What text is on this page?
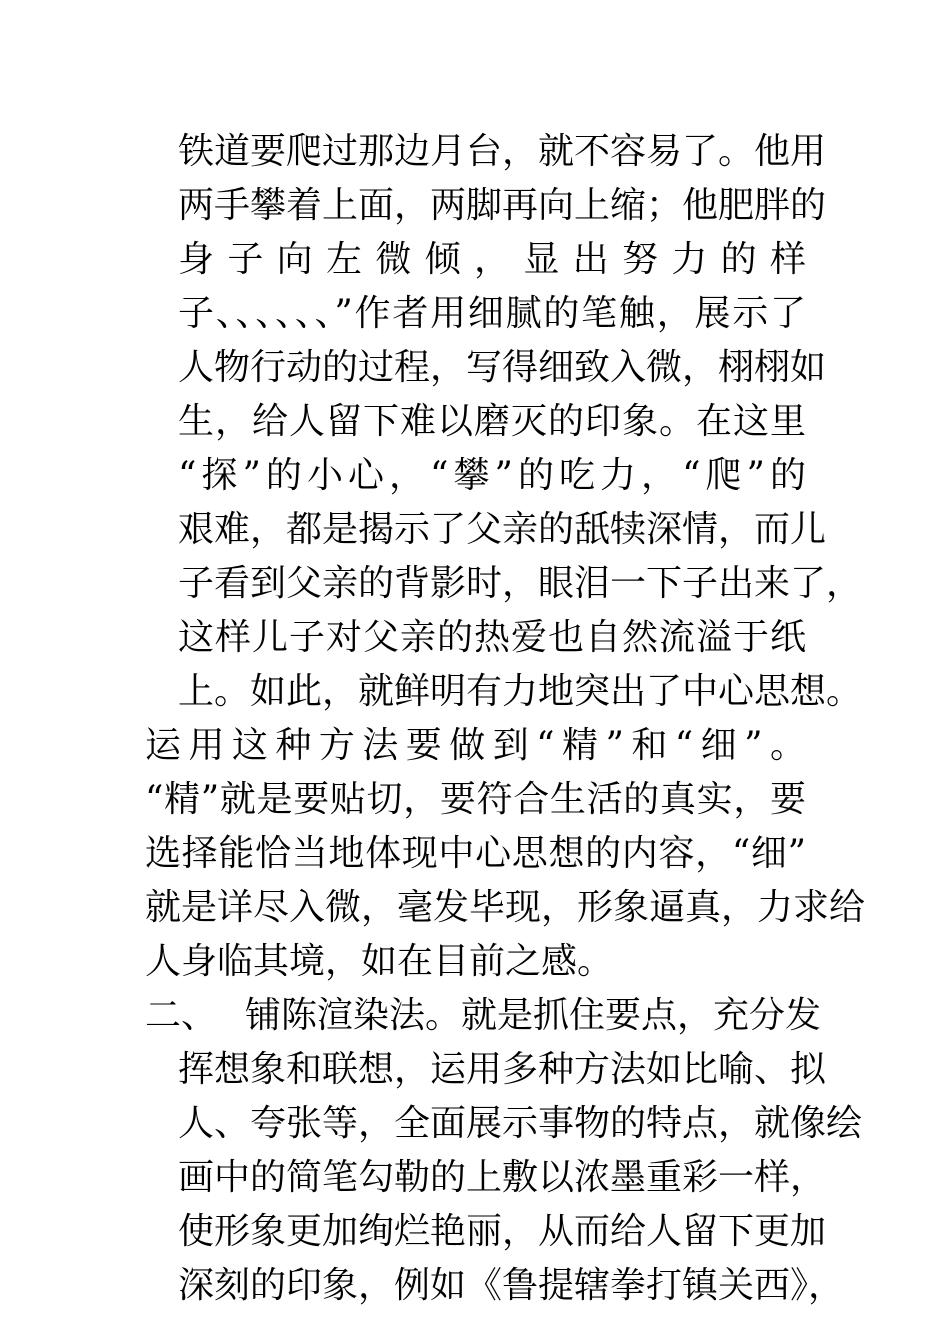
铁道要爬过那边月台，就不容易了。他用
两手攀着上面，两脚再向上缩；他肥胖的
身子向左微倾，显出努力的样
子、、、、、、”作者用细腻的笔触，展示了
人物行动的过程，写得细致入微，栩栩如
生，给人留下难以磨灭的印象。在这里
“探”的小心，“攀”的吃力，“爬”的
艰难，都是揭示了父亲的舐犊深情，而儿
子看到父亲的背影时，眼泪一下子出来了，
这样儿子对父亲的热爱也自然流溢于纸
上。如此，就鲜明有力地突出了中心思想。
运用这种方法要做到“精”和“细”。
“精”就是要贴切，要符合生活的真实，要
选择能恰当地体现中心思想的内容，“细”
就是详尽入微，毫发毕现，形象逼真，力求给
人身临其境，如在目前之感。
二、 铺陈渲染法。就是抓住要点，充分发
挥想象和联想，运用多种方法如比喻、拟
人、夸张等，全面展示事物的特点，就像绘
画中的简笔勾勒的上敷以浓墨重彩一样，
使形象更加绚烂艳丽，从而给人留下更加
深刻的印象，例如《鲁提辖拳打镇关西》，
